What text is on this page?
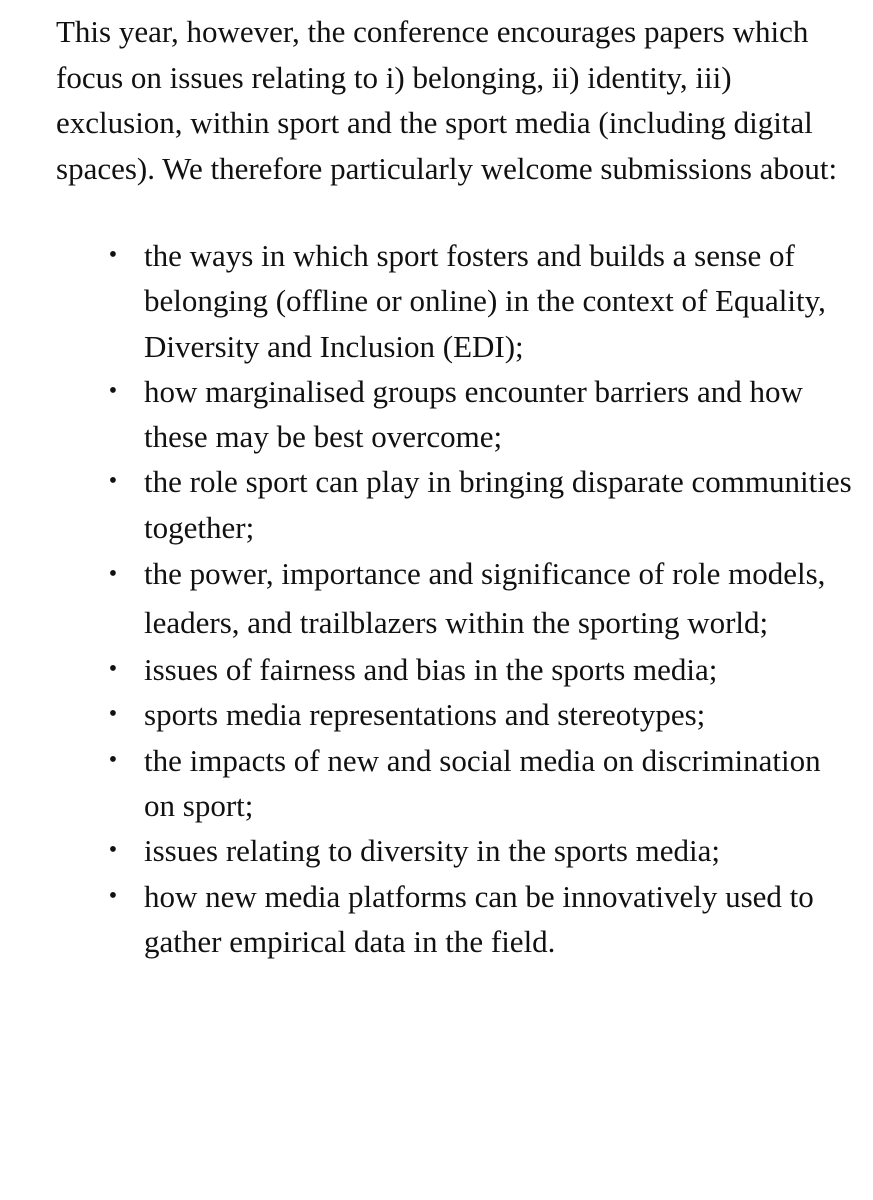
This year, however, the conference encourages papers which focus on issues relating to i) belonging, ii) identity, iii) exclusion, within sport and the sport media (including digital spaces). We therefore particularly welcome submissions about:

• the ways in which sport fosters and builds a sense of belonging (offline or online) in the context of Equality, Diversity and Inclusion (EDI);
• how marginalised groups encounter barriers and how these may be best overcome;
• the role sport can play in bringing disparate communities together;
• the power, importance and significance of role models, leaders, and trailblazers within the sporting world;
• issues of fairness and bias in the sports media;
• sports media representations and stereotypes;
• the impacts of new and social media on discrimination on sport;
• issues relating to diversity in the sports media;
• how new media platforms can be innovatively used to gather empirical data in the field.
